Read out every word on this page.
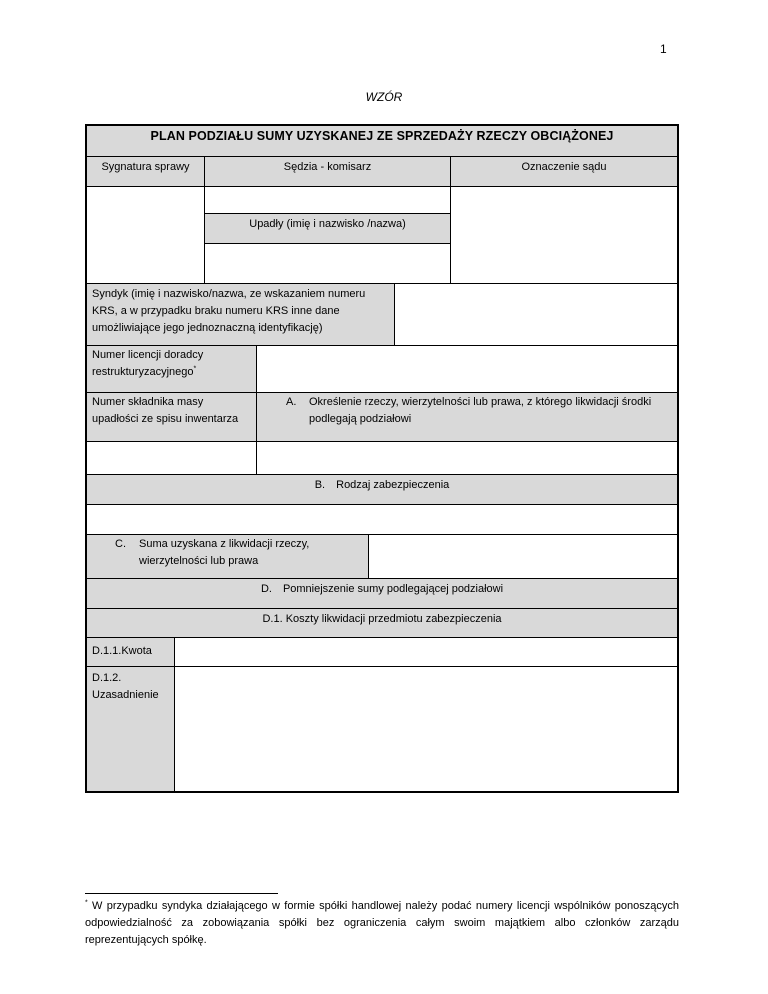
1
WZÓR
PLAN PODZIAŁU SUMY UZYSKANEJ ZE SPRZEDAŻY RZECZY OBCIĄŻONEJ
Sygnatura sprawy	Sędzia - komisarz	Oznaczenie sądu
Upadły (imię i nazwisko /nazwa)
Syndyk (imię i nazwisko/nazwa, ze wskazaniem numeru KRS, a w przypadku braku numeru KRS inne dane umożliwiające jego jednoznaczną identyfikację)
Numer licencji doradcy restrukturyzacyjnego*
Numer składnika masy upadłości ze spisu inwentarza
A.	Określenie rzeczy, wierzytelności lub prawa, z którego likwidacji środki podlegają podziałowi
B. Rodzaj zabezpieczenia
C.	Suma uzyskana z likwidacji rzeczy, wierzytelności lub prawa
D. Pomniejszenie sumy podlegającej podziałowi
D.1. Koszty likwidacji przedmiotu zabezpieczenia
D.1.1.Kwota
D.1.2. Uzasadnienie
* W przypadku syndyka działającego w formie spółki handlowej należy podać numery licencji wspólników ponoszących odpowiedzialność za zobowiązania spółki bez ograniczenia całym swoim majątkiem albo członków zarządu reprezentujących spółkę.
